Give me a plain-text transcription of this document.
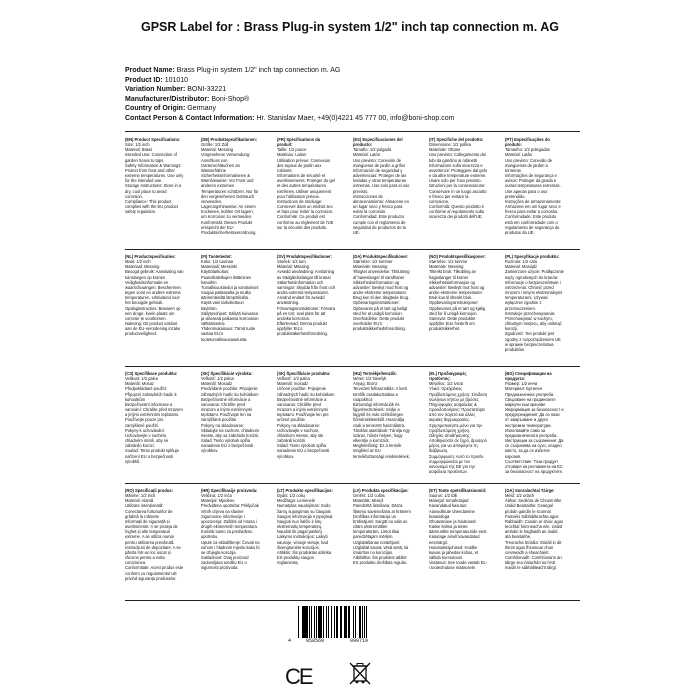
GPSR Label for : Brass Plug-in system 1/2" inch tap connection m. AG
Product Name: Brass Plug-in system 1/2" inch tap connection m. AG
Product ID: 101010
Variation Number: BONI-33221
Manufacturer/Distributor: Boni-Shop®
Country of Origin: Germany
Contact Person & Contact Information: Hr. Stanislav Maer, +49(0)4221 45 777 00, info@boni-shop.com
(EN) Product Specifications:
Size: 1/2 inch
Material: Brass
Intended Use: Connection of garden hoses to taps
Safety Information & Warnings: Protect from frost and other extreme temperatures. Use only for the intended use.
Storage Instructions: Store in a dry, cool place to avoid corrosion.
Compliance: This product complies with the EU product safety regulation.
(DE) Produktspezifikationen:
Größe: 1/2 Zoll
Material: Messing
Vorgesehene Verwendung: Anschluss von Gartenschläuchen an Wasserhähne
Sicherheitsinformationen & Warnhinweise: Vor Frost und anderen extremen Temperaturen schützen. Nur für den vorgesehenen Gebrauch verwenden.
Lagerungshinweise: An einem trockenen, kühlen Ort lagern, um Korrosion zu vermeiden.
Konformität: Dieses Produkt entspricht der EU-Produktsicherheitsverordnung.
(FR) Spécifications du produit:
Taille: 1/2 pouce
Matériau: Laiton
Utilisation prévue: Connexion des tuyaux de jardin aux robinets
Informations de sécurité et avertissements: Protéger du gel et des autres températures extrêmes. Utiliser uniquement pour l'utilisation prévue.
Instructions de stockage: Conserver dans un endroit sec et frais pour éviter la corrosion.
Conformité: Ce produit est conforme au règlement de l'UE sur la sécurité des produits.
(ES) Especificaciones del producto:
Tamaño: 1/2 pulgada
Material: Latón
Uso previsto: Conexión de mangueras de jardín a grifos
Información de seguridad y advertencias: Proteger de las heladas y otras temperaturas extremas. Use solo para el uso previsto.
Instrucciones de almacenamiento: Almacene en un lugar seco y fresco para evitar la corrosión.
Conformidad: Este producto cumple con el reglamento de seguridad de productos de la UE.
(IT) Specifiche del prodotto:
Dimensione: 1/2 pollice
Materiale: Ottone
Uso previsto: Collegamento dei tubi da giardino ai rubinetti
Informazioni sulla sicurezza e avvertenze: Proteggere dal gelo e da altre temperature estreme. Usare solo per l'uso previsto.
Istruzioni per la conservazione: Conservare in un luogo asciutto e fresco per evitare la corrosione.
Conformità: Questo prodotto è conforme al regolamento sulla sicurezza dei prodotti dell'UE.
(PT) Especificações do produto:
Tamanho: 1/2 polegadas
Material: Latão
Uso previsto: Conexão de mangueiras de jardim a torneiras
Informações de segurança e avisos: Proteger da geada e outras temperaturas extremas. Use apenas para o uso pretendido.
Instruções de armazenamento: Armazene em um lugar seco e fresco para evitar a corrosão.
Conformidade: Este produto está em conformidade com o regulamento de segurança de produtos da UE.
(NL) Productspecificaties:
Maat: 1/2 inch
Materiaal: Messing
Beoogd gebruik: Aansluiting van tuinslangen op kranen
Veiligheidsinformatie en waarschuwingen: Beschermen tegen vorst en andere extreme temperaturen. Uitsluitend voor het beoogde gebruik.
Opslaginstructies: Bewaren op een droge, koele plaats om corrosie te voorkomen.
Naleving: Dit product voldoet aan de EU-verordening inzake productveiligheid.
(FI) Tuotetiedot:
Koko: 1/2 tuumaa
Materiaali: Messinki
Käyttötarkoitus: Puutarhaletkujen liittäminen hanoihin
Turvallisuustiedot ja varoitukset: Suojaa pakkaselta ja muilta äärimmäisiltä lämpötiloilta. Käytä vain tarkoitettuun käyttöön.
Säilytysohjeet: Säilytä kuivassa ja viileässä paikassa korroosion välttämiseksi.
Yhdenmukaisuus: Tämä tuote vastaa EU:n tuoteturvallisuusasetusta.
(SV) Produktspecifikationer:
Storlek: 1/2 tum
Material: Mässing
Avsedd användning: Anslutning av trädgårdsslangar till kranar
Säkerhetsinformation och varningar: Skydda från frost och andra extrema temperaturer. Använd endast för avsedd användning.
Förvaringsinstruktioner: Förvara på en torr, sval plats för att undvika korrosion.
Efterlevnad: Denna produkt uppfyller EU:s produktsäkerhetsförordning.
(DA) Produktspecifikationer:
Størrelse: 1/2 tommer
Materiale: Messing
Tilsigtet anvendelse: Tilslutning af haveslanger til vandhaner
Sikkerhedsinformation og advarsler: Beskyt mod frost og andre ekstreme temperaturer. Brug kun til den tilsigtede brug.
Opbevaringsinstruktioner: Opbevares på et tørt og køligt sted for at undgå korrosion.
Overholdelse: Dette produkt overholder EU's produktsikkerhedsforordning.
(NO) Produktspesifikasjoner:
Størrelse: 1/2 tomme
Materiale: Messing
Tiltenkt bruk: Tilkobling av hageslanger til kraner
Sikkerhetsinformasjon og advarsler: Beskytt mot frost og andre ekstreme temperaturer. Bruk kun til tiltenkt bruk.
Oppbevaringsinstruksjoner: Oppbevares på et tørt og kjølig sted for å unngå korrosjon.
Samsvar: Dette produktet oppfyller EUs forskrift om produktsikkerhet.
(PL) Specyfikacje produktu:
Rozmiar: 1/2 cala
Materiał: Mosiądz
Zamierzone użycie: Podłączanie węży ogrodowych do kranów
Informacje o bezpieczeństwie i ostrzeżenia: Chronić przed mrozem i innymi ekstremalnymi temperaturami. Używać wyłącznie zgodnie z przeznaczeniem.
Instrukcje przechowywania: Przechowywać w suchym, chłodnym miejscu, aby uniknąć korozji.
Zgodność: Ten produkt jest zgodny z rozporządzeniem UE w sprawie bezpieczeństwa produktów.
(CS) Specifikace produktu:
Velikost: 1/2 palce
Materiál: Mosaz
Předpokládané použití: Připojení zahradních hadic k kohoutkům
Bezpečnostní informace a varování: Chraňte před mrazem a jinými extrémními teplotami. Používejte pouze pro zamýšlené použití.
Pokyny k uchovávání: Uchovávejte v suchém, chladném místě, aby se zabránilo korozi.
Soulad: Tento produkt splňuje nařízení EU o bezpečnosti výrobků.
(SK) Špecifikácie výrobku:
Veľkosť: 1/2 palca
Materiál: Mosadz
Predvídané použitie: Pripojenie záhradných hadíc ku kohútikom
Bezpečnostné informácie a varovania: Chráňte pred mrazom a inými extrémnymi teplotami. Používajte len na zamýšľané použitie.
Pokyny na skladovanie: Skladujte na suchom, chladnom mieste, aby sa zabránilo korózii.
Súlad: Tento výrobok spĺňa nariadenie EÚ o bezpečnosti výrobkov.
(SK) Špecifikácie produktu:
Veľkosť: 1/2 palca
Materiál: mosadz
Určené použitie: Pripojenie záhradných hadíc ku kohútikom
Bezpečnostné informácie a varovania: Chráňte pred mrazom a inými extrémnymi teplotami. Používajte len pre určené použitie.
Pokyny na skladovanie: Uchovávajte v suchom, chladnom mieste, aby ste zabránili korózii.
Súlad: Tento výrobok spĺňa nariadenie EÚ o bezpečnosti výrobkov.
(HU) Termékjellemzők:
Méret: 1/2 hüvelyk
Anyag: Bronz
Tervezett felhasználás: A kerti tömlők csatlakoztatása a csapokhoz
Biztonsági információk és figyelmeztetések: Védje a fagytól és más szélsőséges hőmérsékletektől. Használja csak a tervezett használatra.
Tárolási utasítások: Tárolja egy száraz, hűvös helyen, hogy elkerülje a korróziót.
Megfelelőség: Ez a termék megfelel az EU termékbiztonsági rendeletének.
(EL) Προδιαγραφές προϊόντος:
Μέγεθος: 1/2 ίντσα
Υλικό: Ορείχαλκος
Προβλεπόμενη χρήση: Σύνδεση σωλήνων κήπου με βρύσες
Πληροφορίες ασφαλείας & προειδοποιήσεις: Προστατέψτε από τον παγετό και άλλες ακραίες θερμοκρασίες. Χρησιμοποιήστε μόνο για την προβλεπόμενη χρήση.
Οδηγίες αποθήκευσης: Αποθηκεύστε σε ξηρό, δροσερό μέρος για να αποφύγετε τη διάβρωση.
Συμμόρφωση: Αυτό το προϊόν συμμορφώνεται με τον κανονισμό της ΕΕ για την ασφάλεια προϊόντων.
(BG) Спецификации на продукта:
Размер: 1/2 инча
Материал: Бутилен
Предназначена употреба: Свързване на градинските маркучи към кранове
Информация за безопасност и предупреждения: Да се пази от замръзване и други екстремни температури. Използвайте само за предназначената употреба.
Инструкции за съхранение: Да се съхранява на сухо, хладно място, за да се избегне корозия.
Съответствие: Този продукт отговаря на регламента на ЕС за безопасност на продуктите.
(RO) Specificații produs:
Mărime: 1/2 inch
Material: Alamă
Utilizare intenționată: Conectarea furtunurilor de grădină la robinete
Informații de siguranță și avertismente: A se proteja de îngheț și alte temperaturi extreme. A se utiliza numai pentru utilizarea prevăzută.
Instrucțiuni de depozitare: A se păstra într-un loc uscat și răcoros pentru a evita coroziunea.
Conformitate: Acest produs este conform cu regulamentul UE privind siguranța produselor.
(HR) Specifikacije proizvoda:
Veličina: 1/2 inča
Materijal: Mjedeno
Predviđena upotreba: Priključak vrtnih crijeva na slavine
Sigurnosne informacije i upozorenja: Zaštititi od mraza i drugih ekstremnih temperatura. Koristiti samo za predviđenu upotrebu.
Upute za skladištenje: Čuvati na suhom i hladnom mjestu kako bi se izbjegla korozija.
Sukladnost: Ovaj proizvod zadovoljava uredbu EU o sigurnosti proizvoda.
(LT) Produkto specifikacijos:
Dydis: 1/2 colių
Medžiaga: Lemenelė
Numatytas naudojimas: Sodo žarnų sujungimas su čiaupais
Saugos informacija ir įspėjimai: Saugoti nuo šalčio ir kitų ekstremalių temperatūrų. Naudoti tik pagal paskirtį.
Laikymo instrukcijos: Laikyti sausoje, vėsioje vietoje, kad išvengtumėte korozijos.
Atitiktis: Šis produktas atitinka ES produktų saugos reglamentą.
(LV) Produkta specifikācijas:
Izmērs: 1/2 collas
Materiāls: Misiņš
Paredzētā lietošana: Dārza šļūteņu savienošana ar krāniem
Drošības informācija un brīdinājumi: Sargāt no sala un citām ekstremālām temperatūrām. Lietot tikai paredzētajam mērķim.
Uzglabāšanas norādījumi: Uzglabāt sausā, vēsā vietā, lai izvairītos no korozijas.
Atbilstība: Šis produkts atbilst ES produktu drošības regulai.
(ET) Toote spetsifikatsioonid:
Suurus: 1/2 tolli
Materjal: mmahutajad
Kavandatud kasutus: Aiavoolikute ühendamine kraanidega
Ohutusteave ja hoiatused: Kaitse külma ja teiste äärmuslike temperatuuride eest. Kasutage ainult kavandatud eesmärgil.
Hoiustamisjuhised: Hoidke kuivas ja jahedas kohas, et vältida korrosiooni.
Vastavus: See toode vastab EL-i tooteohutuse määrusele.
(GA) Sonraíochtaí Táirge:
Méid: 1/2 orlach
Ábhar: Seoltóra de Chruinníthe
Úsáid Beartaithe: Ceangal píobán gairdín le sconnaí
Faisnéis Sábháilteachta agus Rabhaidh: Cosain ar shioc agus teochtaí foircneacha eile. Úsáid amháin le haghaidh an úsáid atá beartaithe.
Treoracha Stórála: Stóráil in áit thirim agus fhionnuar chun creimeadh a sheachaint.
Comhlíonadh: Comhlíonann an táirge seo rialachán na hAE maidir le sábháilteacht táirgí.
4	058569	099719
CE
